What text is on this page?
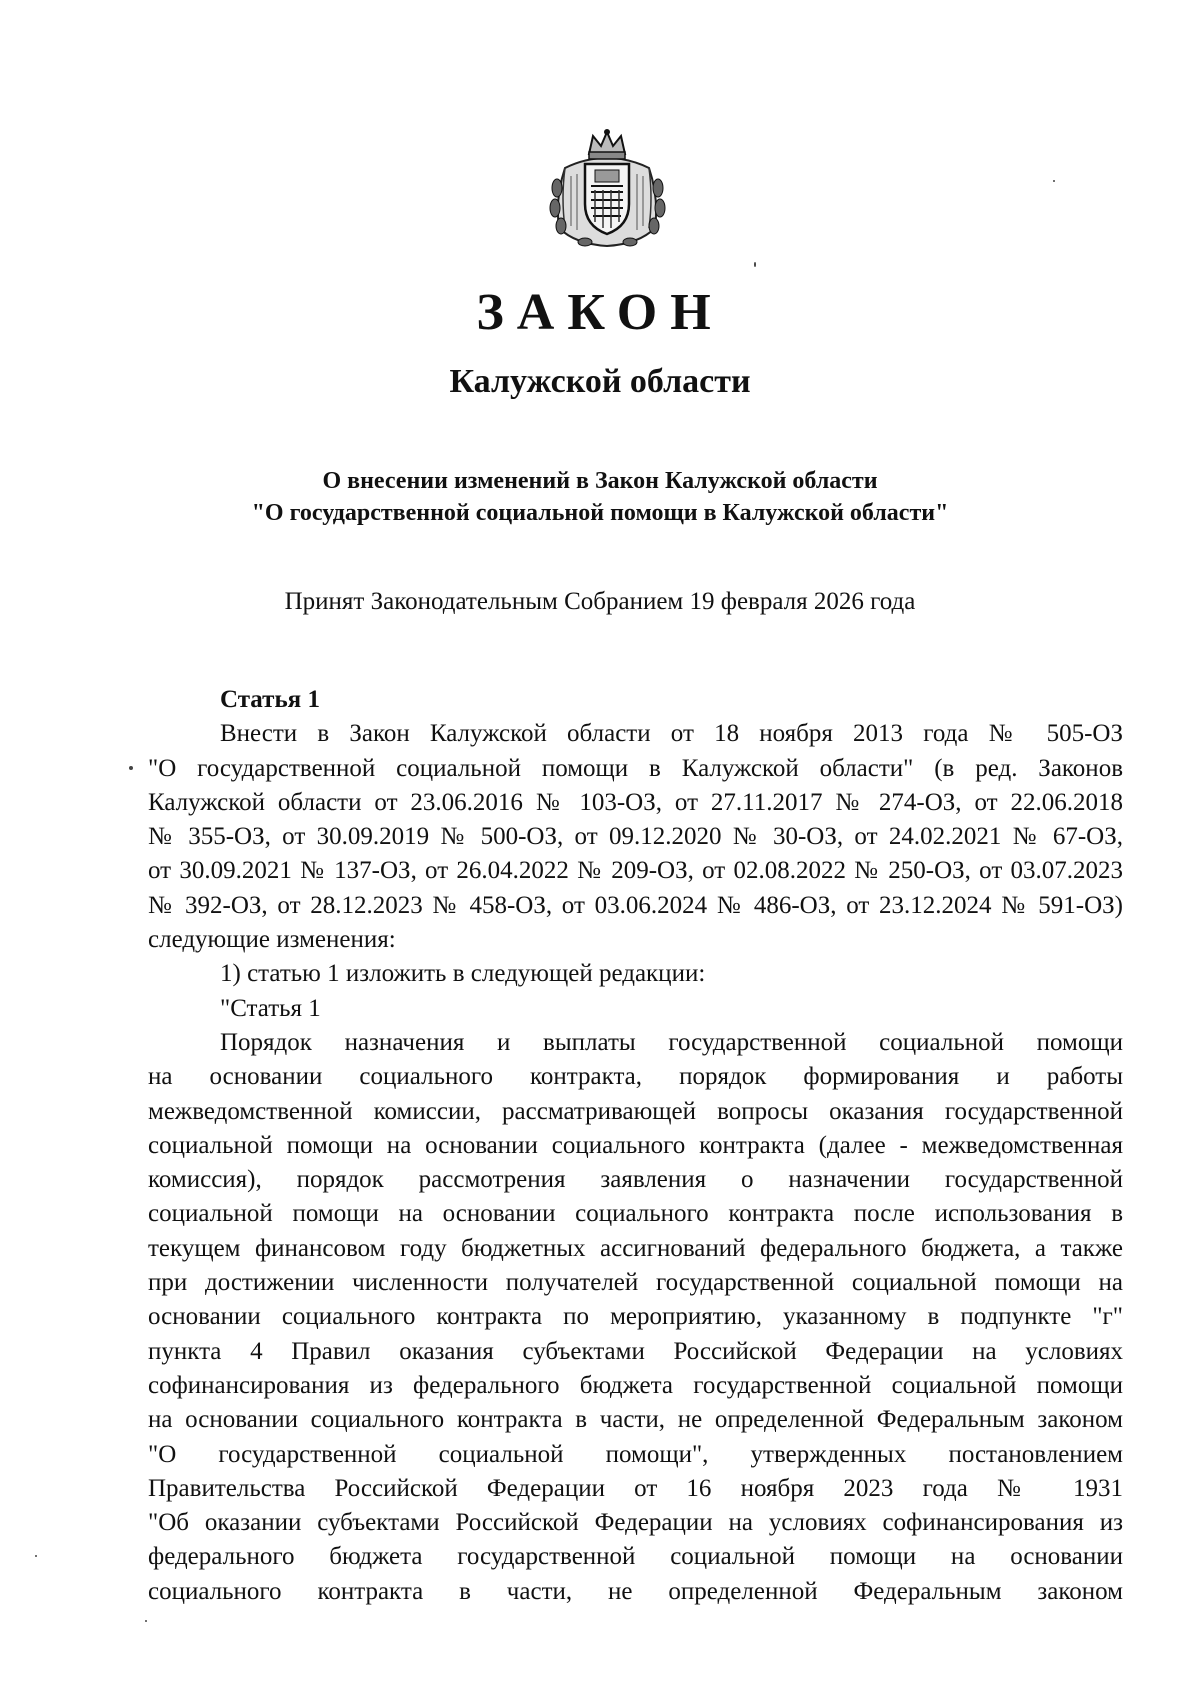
ЗАКОН
Калужской области
О внесении изменений в Закон Калужской области
"О государственной социальной помощи в Калужской области"

Принят Законодательным Собранием 19 февраля 2026 года

Статья 1
Внести в Закон Калужской области от 18 ноября 2013 года № 505-ОЗ
"О государственной социальной помощи в Калужской области" (в ред. Законов
Калужской области от 23.06.2016 № 103-ОЗ, от 27.11.2017 № 274-ОЗ, от 22.06.2018
№ 355-ОЗ, от 30.09.2019 № 500-ОЗ, от 09.12.2020 № 30-ОЗ, от 24.02.2021 № 67-ОЗ,
от 30.09.2021 № 137-ОЗ, от 26.04.2022 № 209-ОЗ, от 02.08.2022 № 250-ОЗ, от 03.07.2023
№ 392-ОЗ, от 28.12.2023 № 458-ОЗ, от 03.06.2024 № 486-ОЗ, от 23.12.2024 № 591-ОЗ)
следующие изменения:
1) статью 1 изложить в следующей редакции:
"Статья 1
Порядок назначения и выплаты государственной социальной помощи
на основании социального контракта, порядок формирования и работы
межведомственной комиссии, рассматривающей вопросы оказания государственной
социальной помощи на основании социального контракта (далее - межведомственная
комиссия), порядок рассмотрения заявления о назначении государственной
социальной помощи на основании социального контракта после использования в
текущем финансовом году бюджетных ассигнований федерального бюджета, а также
при достижении численности получателей государственной социальной помощи на
основании социального контракта по мероприятию, указанному в подпункте "г"
пункта 4 Правил оказания субъектами Российской Федерации на условиях
софинансирования из федерального бюджета государственной социальной помощи
на основании социального контракта в части, не определенной Федеральным законом
"О государственной социальной помощи", утвержденных постановлением
Правительства Российской Федерации от 16 ноября 2023 года № 1931
"Об оказании субъектами Российской Федерации на условиях софинансирования из
федерального бюджета государственной социальной помощи на основании
социального контракта в части, не определенной Федеральным законом
